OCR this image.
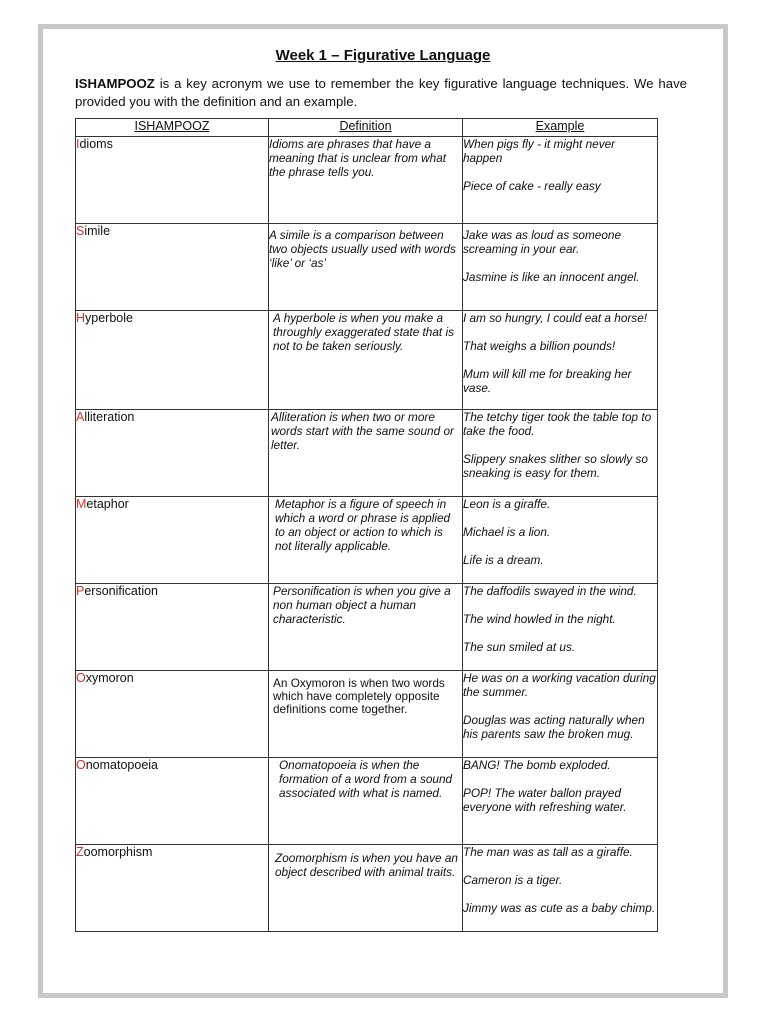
Week 1 – Figurative Language
ISHAMPOOZ is a key acronym we use to remember the key figurative language techniques. We have provided you with the definition and an example.
ISHAMPOOZ	Definition	Example
Idioms	Idioms are phrases that have a meaning that is unclear from what the phrase tells you.	When pigs fly - it might never happen

Piece of cake - really easy

Simile	A simile is a comparison between two objects usually used with words ‘like’ or ‘as’	Jake was as loud as someone screaming in your ear.

Jasmine is like an innocent angel.

Hyperbole	A hyperbole is when you make a throughly exaggerated state that is not to be taken seriously.	I am so hungry, I could eat a horse!

That weighs a billion pounds!

Mum will kill me for breaking her vase.

Alliteration	Alliteration is when two or more words start with the same sound or letter.	The tetchy tiger took the table top to take the food.

Slippery snakes slither so slowly so sneaking is easy for them.

Metaphor	Metaphor is a figure of speech in which a word or phrase is applied to an object or action to which is not literally applicable.	Leon is a giraffe.

Michael is a lion.

Life is a dream.

Personification	Personification is when you give a non human object a human characteristic.	The daffodils swayed in the wind.

The wind howled in the night.

The sun smiled at us.

Oxymoron	An Oxymoron is when two words which have completely opposite definitions come together.	He was on a working vacation during the summer.

Douglas was acting naturally when his parents saw the broken mug.

Onomatopoeia	Onomatopoeia is when the formation of a word from a sound associated with what is named.	BANG! The bomb exploded.

POP! The water ballon prayed everyone with refreshing water.

Zoomorphism	Zoomorphism is when you have an object described with animal traits.	The man was as tall as a giraffe.

Cameron is a tiger.

Jimmy was as cute as a baby chimp.
